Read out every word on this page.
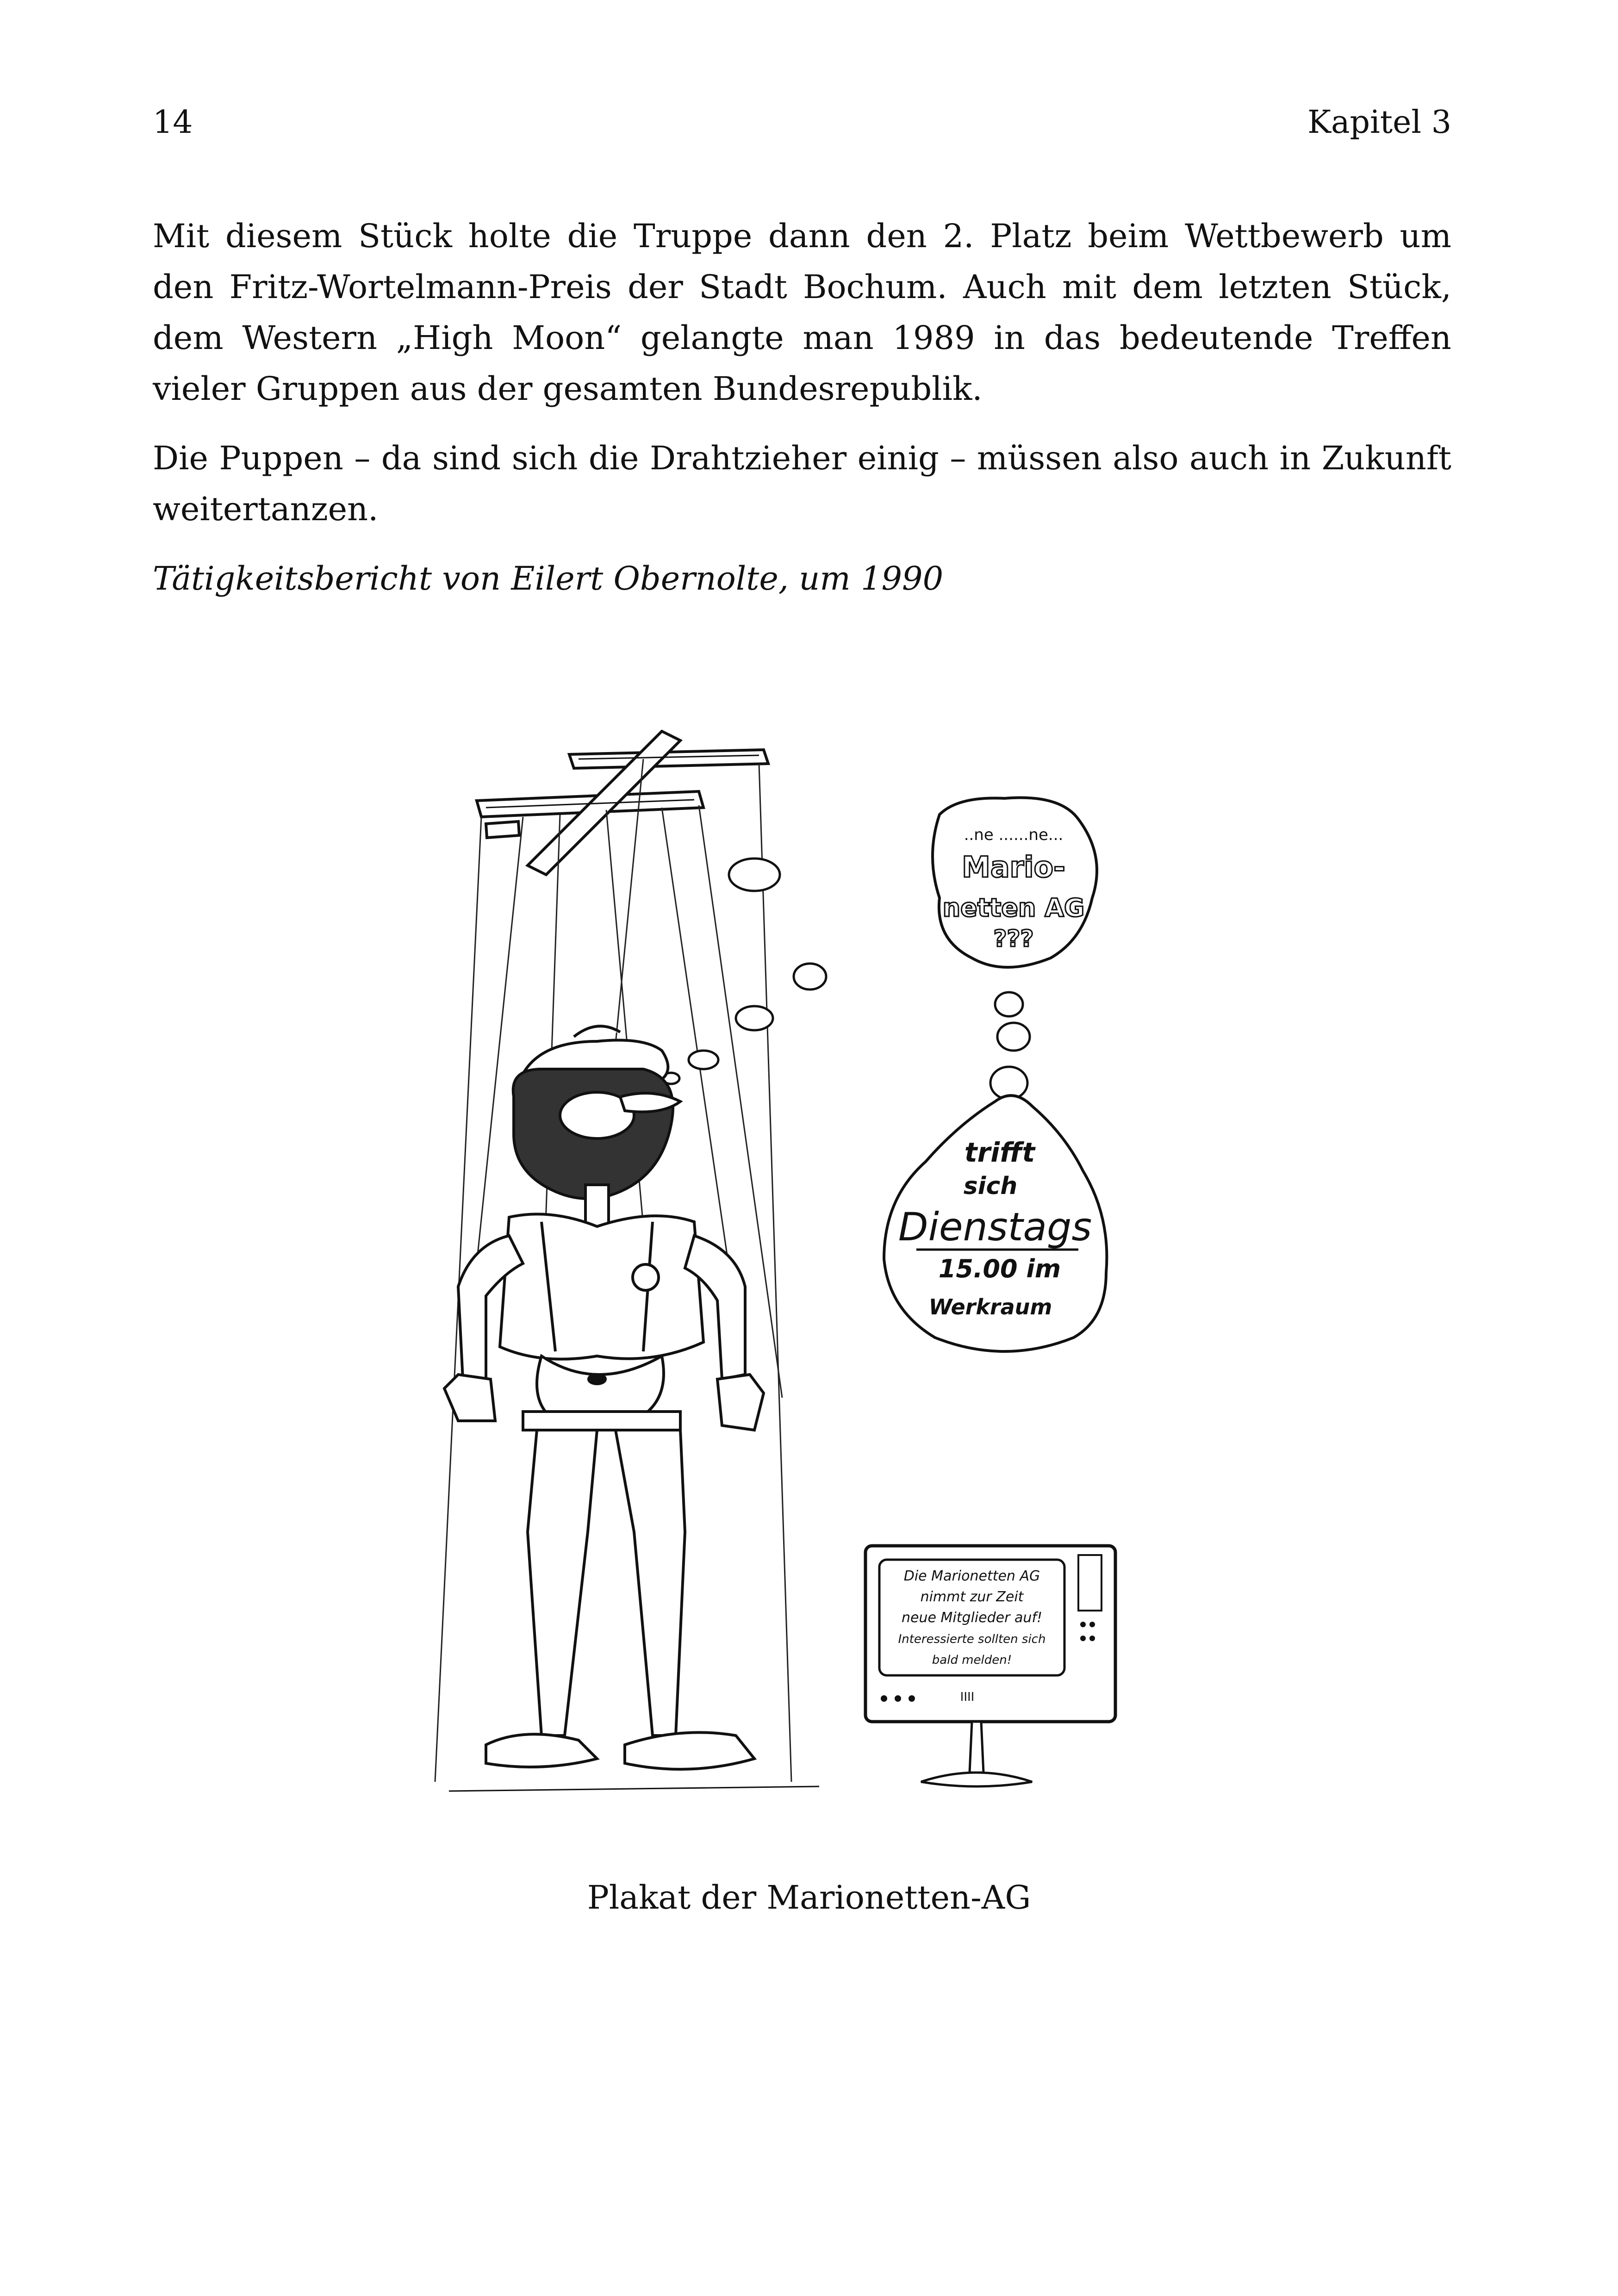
14	Kapitel 3

Mit diesem Stück holte die Truppe dann den 2. Platz beim Wettbewerb um den Fritz-Wortelmann-Preis der Stadt Bochum. Auch mit dem letzten Stück, dem Western „High Moon“ gelangte man 1989 in das bedeutende Treffen vieler Gruppen aus der gesamten Bundesrepublik.

Die Puppen – da sind sich die Drahtzieher einig – müssen also auch in Zukunft weitertanzen.

Tätigkeitsbericht von Eilert Obernolte, um 1990

..ne ......ne...
Mario-
netten AG
???
trifft
sich
Dienstags
15.00 im
Werkraum
IIII
Die Marionetten AG
nimmt zur Zeit
neue Mitglieder auf!
Interessierte sollten sich
bald melden!
Plakat der Marionetten-AG
